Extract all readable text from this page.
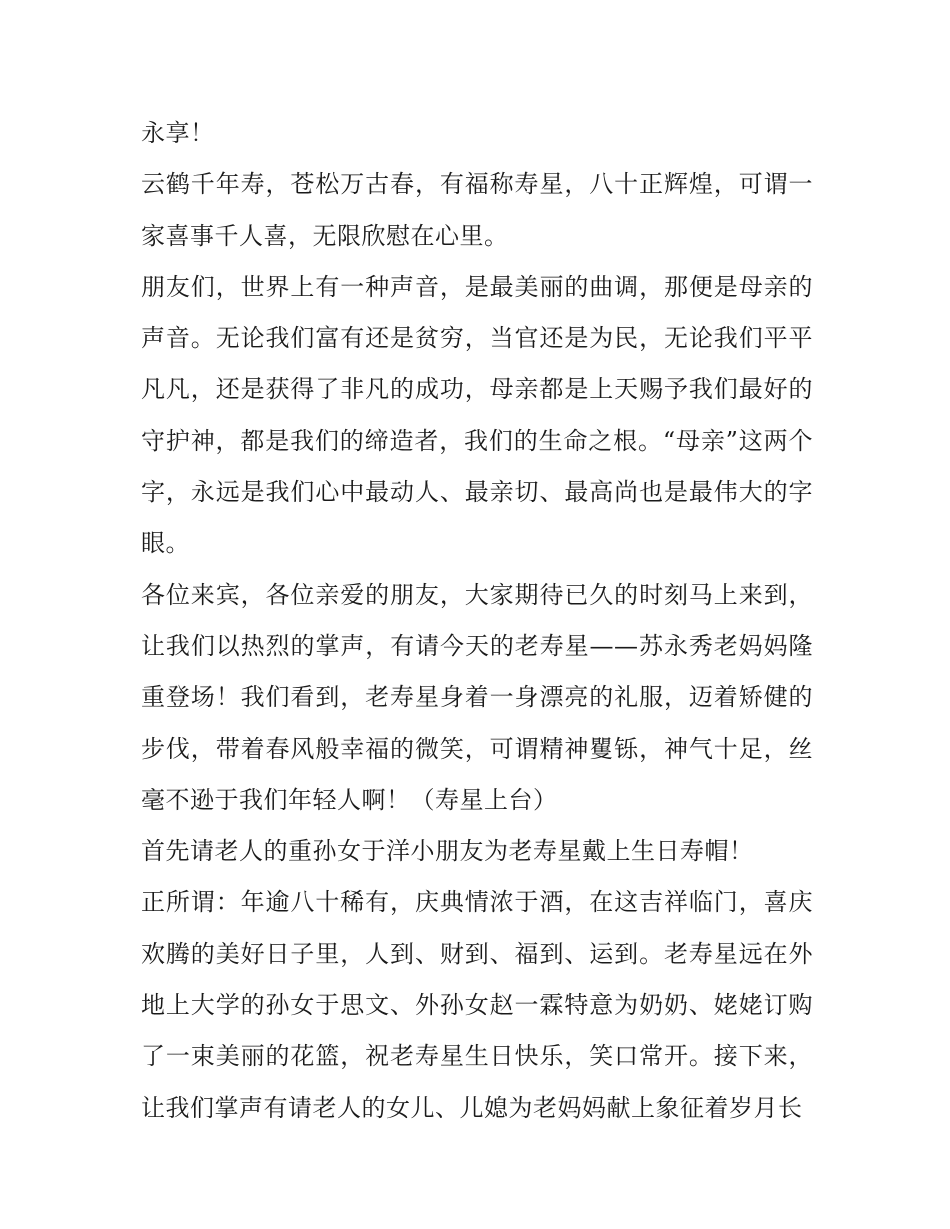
永享！

云鹤千年寿，苍松万古春，有福称寿星，八十正辉煌，可谓一家喜事千人喜，无限欣慰在心里。

朋友们，世界上有一种声音，是最美丽的曲调，那便是母亲的声音。无论我们富有还是贫穷，当官还是为民，无论我们平平凡凡，还是获得了非凡的成功，母亲都是上天赐予我们最好的守护神，都是我们的缔造者，我们的生命之根。“母亲”这两个字，永远是我们心中最动人、最亲切、最高尚也是最伟大的字眼。

各位来宾，各位亲爱的朋友，大家期待已久的时刻马上来到，让我们以热烈的掌声，有请今天的老寿星——苏永秀老妈妈隆重登场！我们看到，老寿星身着一身漂亮的礼服，迈着矫健的步伐，带着春风般幸福的微笑，可谓精神矍铄，神气十足，丝毫不逊于我们年轻人啊！（寿星上台）

首先请老人的重孙女于洋小朋友为老寿星戴上生日寿帽！

正所谓：年逾八十稀有，庆典情浓于酒，在这吉祥临门，喜庆欢腾的美好日子里，人到、财到、福到、运到。老寿星远在外地上大学的孙女于思文、外孙女赵一霖特意为奶奶、姥姥订购了一束美丽的花篮，祝老寿星生日快乐，笑口常开。接下来，让我们掌声有请老人的女儿、儿媳为老妈妈献上象征着岁月长
